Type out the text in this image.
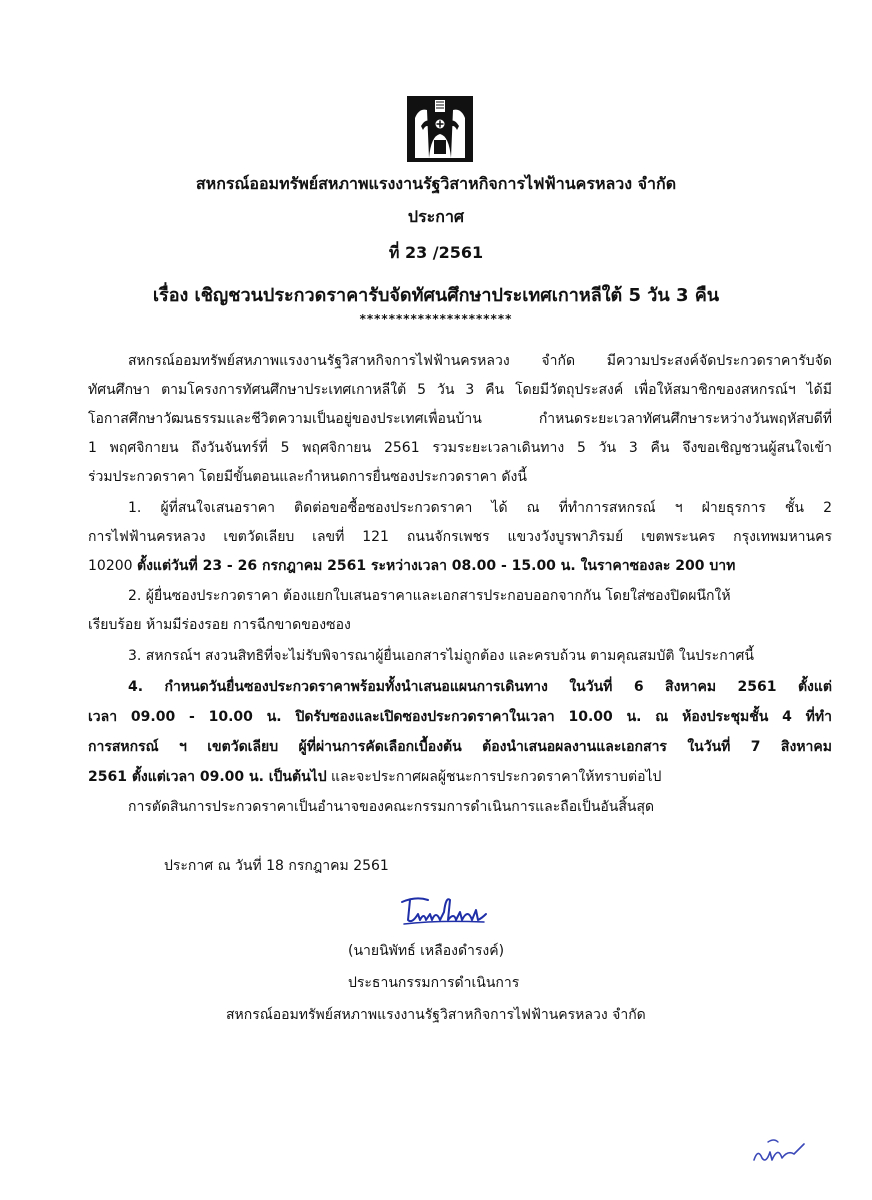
สหกรณ์ออมทรัพย์สหภาพแรงงานรัฐวิสาหกิจการไฟฟ้านครหลวง จำกัด
ประกาศ
ที่ 23 /2561
เรื่อง เชิญชวนประกวดราคารับจัดทัศนศึกษาประเทศเกาหลีใต้ 5 วัน 3 คืน
*********************
สหกรณ์ออมทรัพย์สหภาพแรงงานรัฐวิสาหกิจการไฟฟ้านครหลวง จำกัด มีความประสงค์จัดประกวดราคารับจัด
ทัศนศึกษา ตามโครงการทัศนศึกษาประเทศเกาหลีใต้ 5 วัน 3 คืน โดยมีวัตถุประสงค์ เพื่อให้สมาชิกของสหกรณ์ฯ ได้มี
โอกาสศึกษาวัฒนธรรมและชีวิตความเป็นอยู่ของประเทศเพื่อนบ้าน กำหนดระยะเวลาทัศนศึกษาระหว่างวันพฤหัสบดีที่
1 พฤศจิกายน ถึงวันจันทร์ที่ 5 พฤศจิกายน 2561 รวมระยะเวลาเดินทาง 5 วัน 3 คืน จึงขอเชิญชวนผู้สนใจเข้า
ร่วมประกวดราคา โดยมีขั้นตอนและกำหนดการยื่นซองประกวดราคา ดังนี้
1. ผู้ที่สนใจเสนอราคา ติดต่อขอซื้อซองประกวดราคา ได้ ณ ที่ทำการสหกรณ์ ฯ ฝ่ายธุรการ ชั้น 2
การไฟฟ้านครหลวง เขตวัดเลียบ เลขที่ 121 ถนนจักรเพชร แขวงวังบูรพาภิรมย์ เขตพระนคร กรุงเทพมหานคร
10200 ตั้งแต่วันที่ 23 - 26 กรกฎาคม 2561 ระหว่างเวลา 08.00 - 15.00 น. ในราคาซองละ 200 บาท
2. ผู้ยื่นซองประกวดราคา ต้องแยกใบเสนอราคาและเอกสารประกอบออกจากกัน โดยใส่ซองปิดผนึกให้
เรียบร้อย ห้ามมีร่องรอย การฉีกขาดของซอง
3. สหกรณ์ฯ สงวนสิทธิที่จะไม่รับพิจารณาผู้ยื่นเอกสารไม่ถูกต้อง และครบถ้วน ตามคุณสมบัติ ในประกาศนี้
4. กำหนดวันยื่นซองประกวดราคาพร้อมทั้งนำเสนอแผนการเดินทาง ในวันที่ 6 สิงหาคม 2561 ตั้งแต่
เวลา 09.00 - 10.00 น. ปิดรับซองและเปิดซองประกวดราคาในเวลา 10.00 น. ณ ห้องประชุมชั้น 4 ที่ทำ
การสหกรณ์ ฯ เขตวัดเลียบ ผู้ที่ผ่านการคัดเลือกเบื้องต้น ต้องนำเสนอผลงานและเอกสาร ในวันที่ 7 สิงหาคม
2561 ตั้งแต่เวลา 09.00 น. เป็นต้นไป และจะประกาศผลผู้ชนะการประกวดราคาให้ทราบต่อไป
การตัดสินการประกวดราคาเป็นอำนาจของคณะกรรมการดำเนินการและถือเป็นอันสิ้นสุด
ประกาศ ณ วันที่ 18 กรกฎาคม 2561
(นายนิพัทธ์ เหลืองดำรงค์)
ประธานกรรมการดำเนินการ
สหกรณ์ออมทรัพย์สหภาพแรงงานรัฐวิสาหกิจการไฟฟ้านครหลวง จำกัด
